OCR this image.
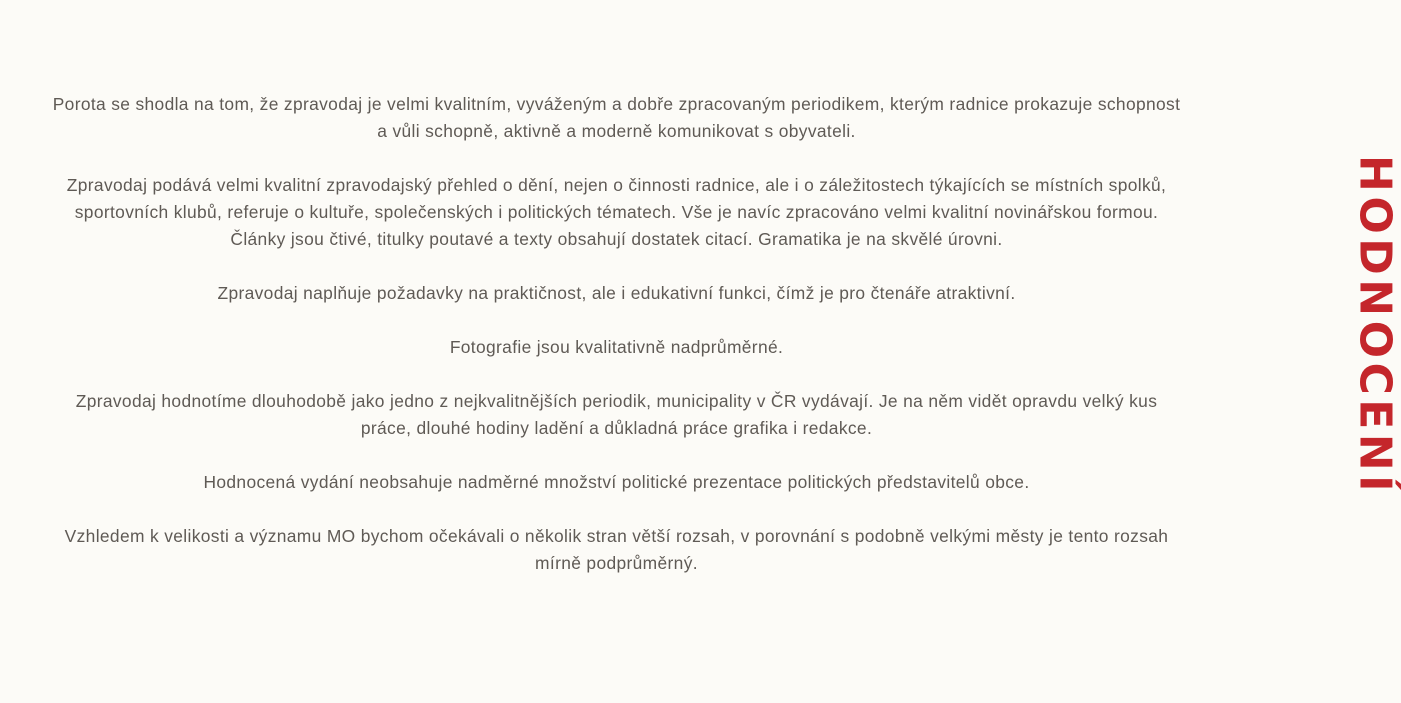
Porota se shodla na tom, že zpravodaj je velmi kvalitním, vyváženým a dobře zpracovaným periodikem, kterým radnice prokazuje schopnost a vůli schopně, aktivně a moderně komunikovat s obyvateli.

Zpravodaj podává velmi kvalitní zpravodajský přehled o dění, nejen o činnosti radnice, ale i o záležitostech týkajících se místních spolků, sportovních klubů, referuje o kultuře, společenských i politických tématech. Vše je navíc zpracováno velmi kvalitní novinářskou formou. Články jsou čtivé, titulky poutavé a texty obsahují dostatek citací. Gramatika je na skvělé úrovni.

Zpravodaj naplňuje požadavky na praktičnost, ale i edukativní funkci, čímž je pro čtenáře atraktivní.

Fotografie jsou kvalitativně nadprůměrné.

Zpravodaj hodnotíme dlouhodobě jako jedno z nejkvalitnějších periodik, municipality v ČR vydávají. Je na něm vidět opravdu velký kus práce, dlouhé hodiny ladění a důkladná práce grafika i redakce.

Hodnocená vydání neobsahuje nadměrné množství politické prezentace politických představitelů obce.

Vzhledem k velikosti a významu MO bychom očekávali o několik stran větší rozsah, v porovnání s podobně velkými městy je tento rozsah mírně podprůměrný.

HODNOCENÍ
